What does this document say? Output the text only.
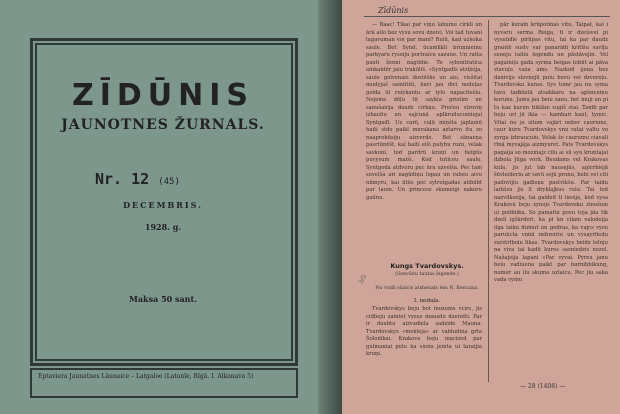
ZĪDŪNIS
JAUNOTNES ŽURNALS.
Nr. 12 (45)
DECEMBRIS.
1928. g.
Maksa 50 sant.
Eptaviera Jaunatnes Lāunaice – Latgaloe (Latonīe, Rīgā. I. Alkanava 5)
Zīdūnis

— Baac! Tikai par viņu labumu cirkli un ārā ailo bez vysu sovu dzeivi. Voi tad tuvani lagavuman voi par mani? Ruiū, kad uzleika saule. Bet Synd. ūcamlikli bruņnieinu parkyaru ryseiju portraicu sazune. Un ratta pauti ženni nagūdie. To sybontratica ainkantēr jaiu trakūliš. «Syntgadls atziļeija, saule golvenais dostēšks un aiu, visšitai mudyjaš samūtiši, kuri jau divi nedeļas golda lū ruiykantu ar tylu napacitešiu. Nejeme dēļu tū saykla gristim un sanušaicja daudz cirkņu. Prečeu stroviņ izbauliu un sajcunā aplkruducomiejai Syntgadl. Uz carū, caļū miņšta japlamū baiti stdo paikl murakana aztarvo itu zo naaprokūsiju aizverde. Bet sānaeņa pasrtūnēšt, kai baiti eiši palyhu rozu, velak savkoni, tod pardrū kruņi un beigūs puvysum maiši. Kod tuticeu saule, Syntgoda atdvoru pec ūra uzvelša. Pec tam suvelša ari nagūdiņu lopau un rabeu aivu nūmyru, kai ūtūs pec sytrotgadas atdoibt par laum. Un princese skumeigi nakoru gaūnu.

pār kuraīn krūpotinas vitu. Taipat, kai i nyvaru serma Reiga, ti ir dzeisvei pi vysuūdīe pirūpas vitu, tai ka par daudz grantē sustv var panarādi kritīšu savīļu seneju tailiu legendu un pāstāvejin. Vel pagainiļu gada syrma beigas tobūt ai pāva vlavuļu vaza ams. Nazkod ijena bez daniviju slovņejū puiu buvu voi dzvereļu. Tvardovsku kunss. Sys tomr jau nu syma tavu tadktotā atsakkaru na apleiceiņu korunu. Jamu jau beiu zanu. bet muji un pi tu kaz kurun tiiklām sugiš stai. Tanīb par beju uri jū ikia — kambari kaut, tymic. Vitai nu je sitom vajāri neber caurums, caur kuru Tvardovskys vnu ratai valtu vo zyrga izbraucuiu. Velak šo caurumu ciavali rīnā myvajāja aizmyuret. Pats Tvardovskys pagaija so mozinajz cilu ai sū syu kruņtajai dzbola Jūga vorā. Beudams vel Krakovas kula, jis jut lab nausejūs, aglcrbiejā šūvleideriu ar savū sojū pronu, bebi vel citi padovijiu gadisņu pastvikšu. Par taidu ladzisu jis lī dryklajkus ruiu. Tai tod nazvilkseija, tai gaideit ti liesija, kod vysa Krakovā beju zynojs Tvardovsku zinošum ui goldniku. So pamaitu puvu toja jāu tik dzeli igškrderi, ka pi kn cilam valodeija ilga laiku dumut un godras, ka vajcs vysu paruūcta vnnā nebreiriu un vysayrīiedu surstrīboiu likas. Tvardovskys beidz telnju na viva tai kadū kuros sasniedzis nezel. Nažajeija lapani «Par vyvai. Pyreu janu beiu vadiuena paikt par barnibbikung, numer au ilu skuma uzlaicu. Pec jiu saka vada vymu

3/5
Kungs Tvardovskys.
(Senvānu tautas legende.)
Nu vudā sšalcis atshenals leis N. Bencana.
I. nodaļa.

Tvardovskys beju bot mozums vcirs, jis cidbeju zainiet vysus mausdu dzeivēti. Par ir daubtu aizvadiela sadzide Mauna. Tvardovskys «mekleja» ar valdudina grta Šolonīkai. Krakova beju macized par gulmaniai puīu ka sienu jemta ui taraijia kruņi.

— 28 (1408) —
